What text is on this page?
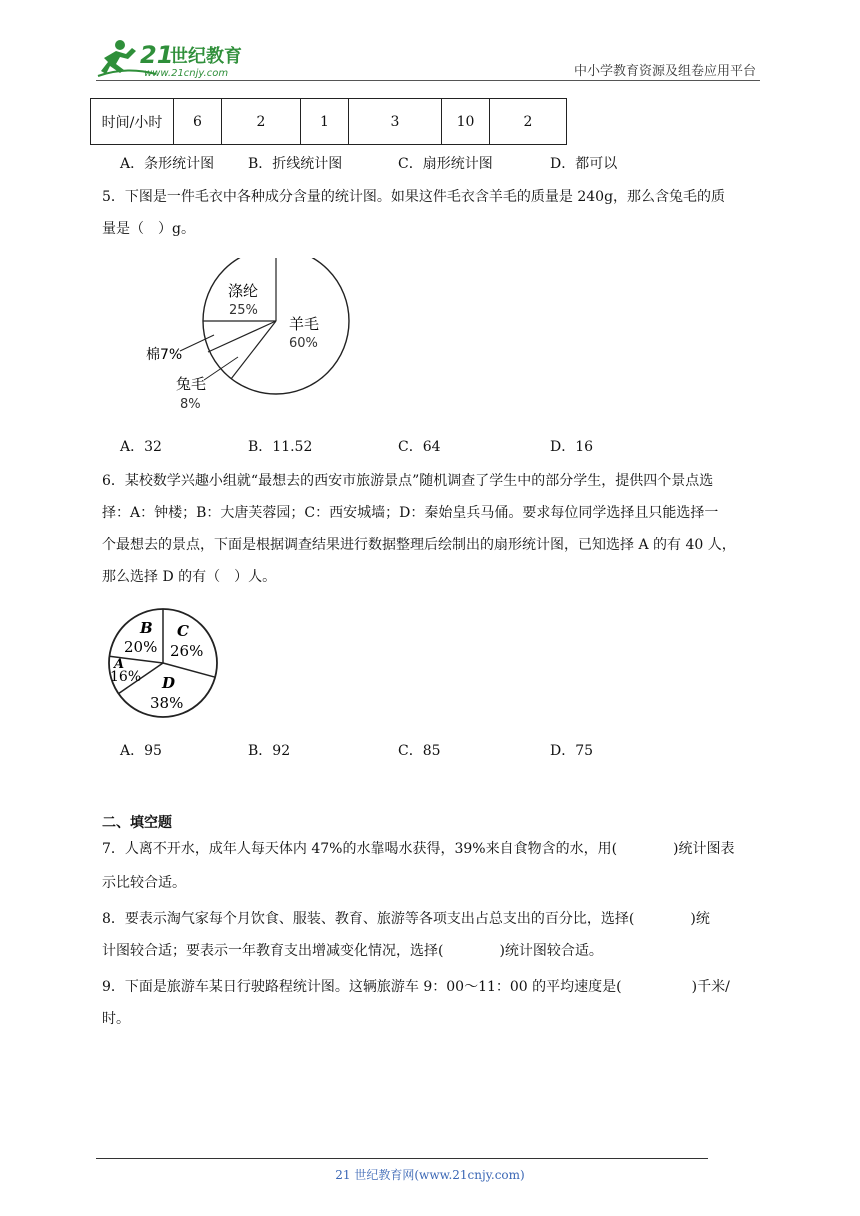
21
世纪教育
www.21cnjy.com	中小学教育资源及组卷应用平台
时间/小时	6	2	1	3	10	2
A．条形统计图 B．折线统计图	C．扇形统计图	D．都可以
5．下图是一件毛衣中各种成分含量的统计图。如果这件毛衣含羊毛的质量是 240g，那么含兔毛的质
量是（　）g。
涤纶
25%
羊毛
60%
棉7%
兔毛
8%
A．32	B．11.52	C．64	D．16
6．某校数学兴趣小组就“最想去的西安市旅游景点”随机调查了学生中的部分学生，提供四个景点选
择：A：钟楼；B：大唐芙蓉园；C：西安城墙；D：秦始皇兵马俑。要求每位同学选择且只能选择一
个最想去的景点，下面是根据调查结果进行数据整理后绘制出的扇形统计图，已知选择 A 的有 40 人，
那么选择 D 的有（　）人。
B
20%
C
26%
A
16% D
38%
A．95	B．92	C．85	D．75
二、填空题
7．人离不开水，成年人每天体内 47%的水靠喝水获得，39%来自食物含的水，用(　　　　)统计图表
示比较合适。
8．要表示淘气家每个月饮食、服装、教育、旅游等各项支出占总支出的百分比，选择(　　　　)统
计图较合适；要表示一年教育支出增减变化情况，选择(　　　　)统计图较合适。
9．下面是旅游车某日行驶路程统计图。这辆旅游车 9：00～11：00 的平均速度是(　　　　　)千米/
时。
21 世纪教育网(www.21cnjy.com)
